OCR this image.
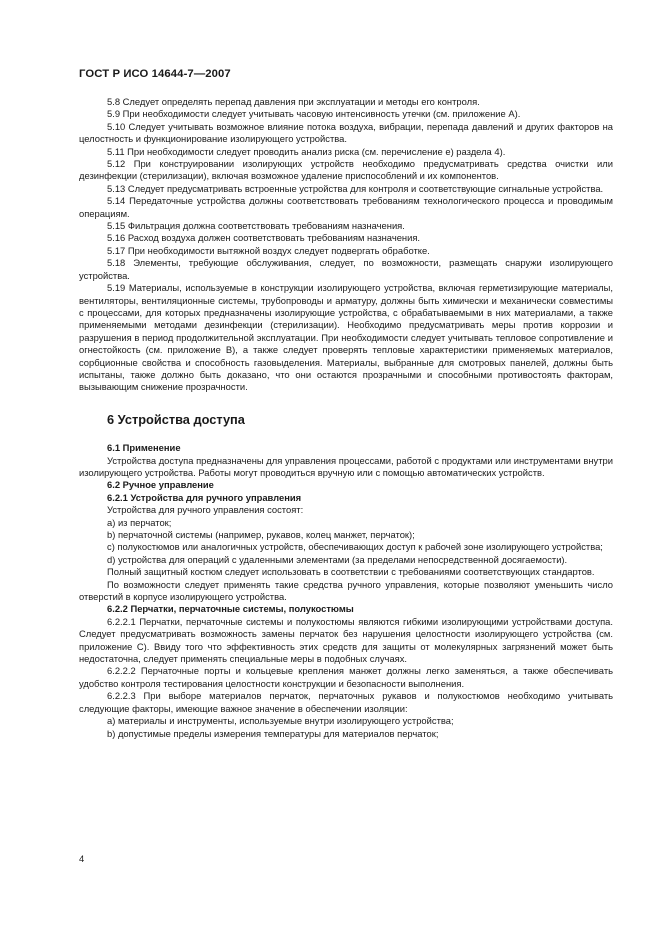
ГОСТ Р ИСО 14644-7—2007

5.8 Следует определять перепад давления при эксплуатации и методы его контроля.

5.9 При необходимости следует учитывать часовую интенсивность утечки (см. приложение А).

5.10 Следует учитывать возможное влияние потока воздуха, вибрации, перепада давлений и других факторов на целостность и функционирование изолирующего устройства.

5.11 При необходимости следует проводить анализ риска (см. перечисление е) раздела 4).

5.12 При конструировании изолирующих устройств необходимо предусматривать средства очистки или дезинфекции (стерилизации), включая возможное удаление приспособлений и их компонентов.

5.13 Следует предусматривать встроенные устройства для контроля и соответствующие сигнальные устройства.

5.14 Передаточные устройства должны соответствовать требованиям технологического процесса и проводимым операциям.

5.15 Фильтрация должна соответствовать требованиям назначения.

5.16 Расход воздуха должен соответствовать требованиям назначения.

5.17 При необходимости вытяжной воздух следует подвергать обработке.

5.18 Элементы, требующие обслуживания, следует, по возможности, размещать снаружи изолирующего устройства.

5.19 Материалы, используемые в конструкции изолирующего устройства, включая герметизирующие материалы, вентиляторы, вентиляционные системы, трубопроводы и арматуру, должны быть химически и механически совместимы с процессами, для которых предназначены изолирующие устройства, с обрабатываемыми в них материалами, а также применяемыми методами дезинфекции (стерилизации). Необходимо предусматривать меры против коррозии и разрушения в период продолжительной эксплуатации. При необходимости следует учитывать тепловое сопротивление и огнестойкость (см. приложение В), а также следует проверять тепловые характеристики применяемых материалов, сорбционные свойства и способность газовыделения. Материалы, выбранные для смотровых панелей, должны быть испытаны, также должно быть доказано, что они остаются прозрачными и способными противостоять факторам, вызывающим снижение прозрачности.

6 Устройства доступа

6.1 Применение

Устройства доступа предназначены для управления процессами, работой с продуктами или инструментами внутри изолирующего устройства. Работы могут проводиться вручную или с помощью автоматических устройств.

6.2 Ручное управление

6.2.1 Устройства для ручного управления

Устройства для ручного управления состоят:

a) из перчаток;

b) перчаточной системы (например, рукавов, колец манжет, перчаток);

c) полукостюмов или аналогичных устройств, обеспечивающих доступ к рабочей зоне изолирующего устройства;

d) устройства для операций с удаленными элементами (за пределами непосредственной досягаемости).

Полный защитный костюм следует использовать в соответствии с требованиями соответствующих стандартов.

По возможности следует применять такие средства ручного управления, которые позволяют уменьшить число отверстий в корпусе изолирующего устройства.

6.2.2 Перчатки, перчаточные системы, полукостюмы

6.2.2.1 Перчатки, перчаточные системы и полукостюмы являются гибкими изолирующими устройствами доступа. Следует предусматривать возможность замены перчаток без нарушения целостности изолирующего устройства (см. приложение С). Ввиду того что эффективность этих средств для защиты от молекулярных загрязнений может быть недостаточна, следует применять специальные меры в подобных случаях.

6.2.2.2 Перчаточные порты и кольцевые крепления манжет должны легко заменяться, а также обеспечивать удобство контроля тестирования целостности конструкции и безопасности выполнения.

6.2.2.3 При выборе материалов перчаток, перчаточных рукавов и полукостюмов необходимо учитывать следующие факторы, имеющие важное значение в обеспечении изоляции:

a) материалы и инструменты, используемые внутри изолирующего устройства;

b) допустимые пределы измерения температуры для материалов перчаток;

4
